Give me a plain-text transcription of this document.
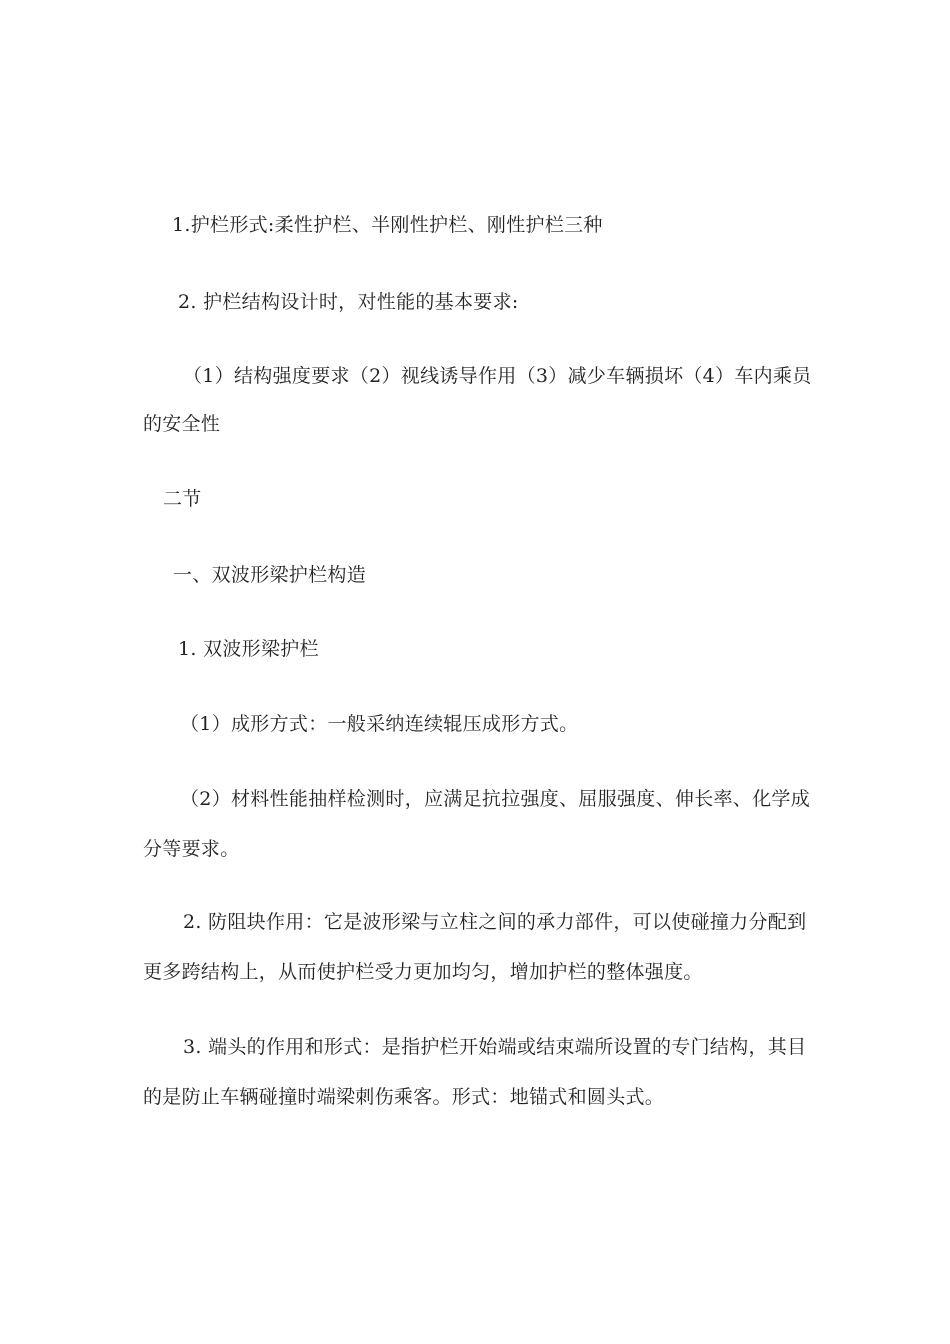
1.护栏形式:柔性护栏、半刚性护栏、刚性护栏三种
2. 护栏结构设计时，对性能的基本要求:
（1）结构强度要求（2）视线诱导作用（3）减少车辆损坏（4）车内乘员
的安全性
二节
一、双波形梁护栏构造
1. 双波形梁护栏
（1）成形方式：一般采纳连续辊压成形方式。
（2）材料性能抽样检测时，应满足抗拉强度、屈服强度、伸长率、化学成
分等要求。
2. 防阻块作用：它是波形梁与立柱之间的承力部件，可以使碰撞力分配到
更多跨结构上，从而使护栏受力更加均匀，增加护栏的整体强度。
3. 端头的作用和形式：是指护栏开始端或结束端所设置的专门结构，其目
的是防止车辆碰撞时端梁刺伤乘客。形式：地锚式和圆头式。
